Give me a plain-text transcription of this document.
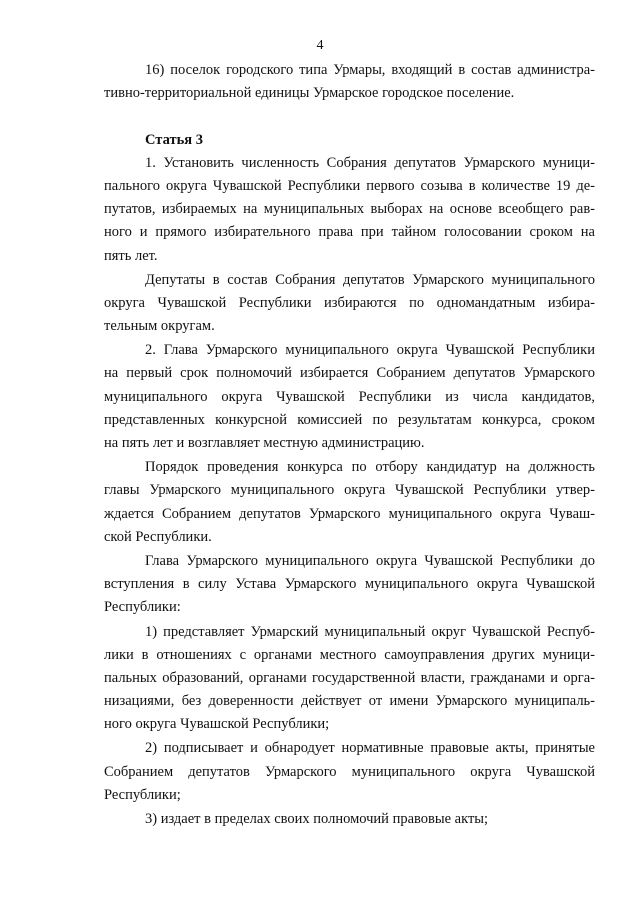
4
16) поселок городского типа Урмары, входящий в состав администра-
тивно-территориальной единицы Урмарское городское поселение.
Статья 3
1. Установить численность Собрания депутатов Урмарского муници-
пального округа Чувашской Республики первого созыва в количестве 19 де-
путатов, избираемых на муниципальных выборах на основе всеобщего рав-
ного и прямого избирательного права при тайном голосовании сроком на
пять лет.
Депутаты в состав Собрания депутатов Урмарского муниципального
округа Чувашской Республики избираются по одномандатным избира-
тельным округам.
2. Глава Урмарского муниципального округа Чувашской Республики
на первый срок полномочий избирается Собранием депутатов Урмарского
муниципального округа Чувашской Республики из числа кандидатов,
представленных конкурсной комиссией по результатам конкурса, сроком
на пять лет и возглавляет местную администрацию.
Порядок проведения конкурса по отбору кандидатур на должность
главы Урмарского муниципального округа Чувашской Республики утвер-
ждается Собранием депутатов Урмарского муниципального округа Чуваш-
ской Республики.
Глава Урмарского муниципального округа Чувашской Республики до
вступления в силу Устава Урмарского муниципального округа Чувашской
Республики:
1) представляет Урмарский муниципальный округ Чувашской Респуб-
лики в отношениях с органами местного самоуправления других муници-
пальных образований, органами государственной власти, гражданами и орга-
низациями, без доверенности действует от имени Урмарского муниципаль-
ного округа Чувашской Республики;
2) подписывает и обнародует нормативные правовые акты, принятые
Собранием депутатов Урмарского муниципального округа Чувашской
Республики;
3) издает в пределах своих полномочий правовые акты;
